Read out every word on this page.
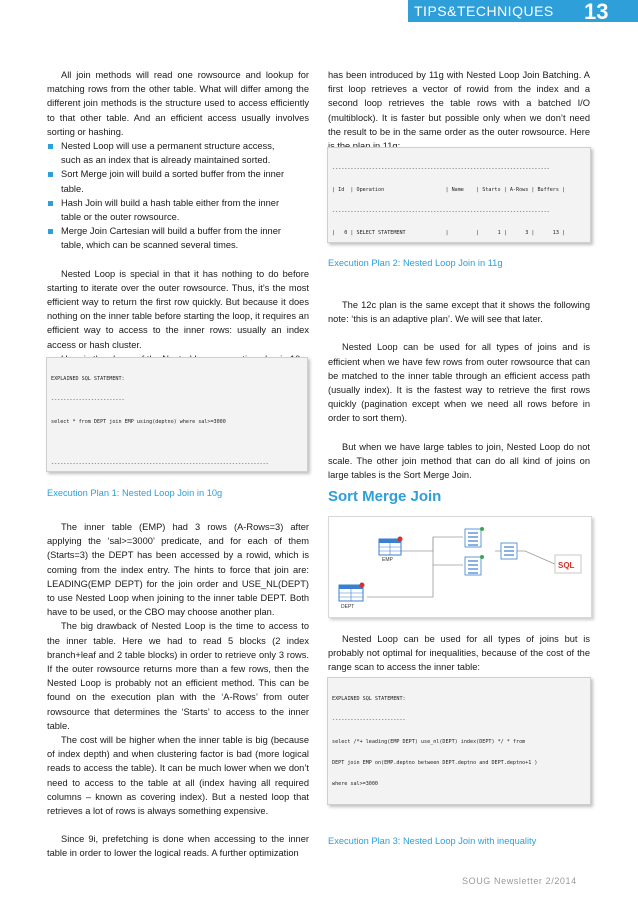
TIPS&TECHNIQUES 13

All join methods will read one rowsource and lookup for matching rows from the other table. What will differ among the different join methods is the structure used to access efficiently to that other table. And an efficient access usually involves sorting or hashing.

Nested Loop will use a permanent structure access, such as an index that is already maintained sorted.
Sort Merge join will build a sorted buffer from the inner table.
Hash Join will build a hash table either from the inner table or the outer rowsource.
Merge Join Cartesian will build a buffer from the inner table, which can be scanned several times.

Nested Loop is special in that it has nothing to do before starting to iterate over the outer rowsource. Thus, it’s the most efficient way to return the first row quickly. But because it does nothing on the inner table before starting the loop, it requires an efficient way to access to the inner rows: usually an index access or hash cluster.

EXPLAINED SQL STATEMENT:

------------------------

select * from DEPT join EMP using(deptno) where sal>=3000

-----------------------------------------------------------------------

Execution Plan 1: Nested Loop Join in 10g

The inner table (EMP) had 3 rows (A-Rows=3) after applying the ‘sal>=3000’ predicate, and for each of them (Starts=3) the DEPT has been accessed by a rowid, which is coming from the index entry. The hints to force that join are: LEADING(EMP DEPT) for the join order and USE_NL(DEPT) to use Nested Loop when joining to the inner table DEPT. Both have to be used, or the CBO may choose another plan.

The big drawback of Nested Loop is the time to access to the inner table. Here we had to read 5 blocks (2 index branch+leaf and 2 table blocks) in order to retrieve only 3 rows. If the outer rowsource returns more than a few rows, then the Nested Loop is probably not an efficient method. This can be found on the execution plan with the ‘A-Rows’ from outer rowsource that determines the ‘Starts’ to access to the inner table.

The cost will be higher when the inner table is big (because of index depth) and when clustering factor is bad (more logical reads to access the table). It can be much lower when we don’t need to access to the table at all (index having all required columns – known as covering index). But a nested loop that retrieves a lot of rows is always something expensive.

Since 9i, prefetching is done when accessing to the inner table in order to lower the logical reads. A further optimization

has been introduced by 11g with Nested Loop Join Batching. A first loop retrieves a vector of rowid from the index and a second loop retrieves the table rows with a batched I/O (multiblock). It is faster but possible only when we don’t need the result to be in the same order as the outer rowsource. Here

-----------------------------------------------------------------------

| Id  | Operation                    | Name    | Starts | A-Rows | Buffers |

-----------------------------------------------------------------------

|   0 | SELECT STATEMENT             |         |      1 |      3 |      13 |

Execution Plan 2: Nested Loop Join in 11g

The 12c plan is the same except that it shows the following note: ‘this is an adaptive plan’. We will see that later.

Nested Loop can be used for all types of joins and is efficient when we have few rows from outer rowsource that can be matched to the inner table through an efficient access path (usually index). It is the fastest way to retrieve the first rows quickly (pagination except when we need all rows before in order to sort them).

But when we have large tables to join, Nested Loop do not scale. The other join method that can do all kind of joins on large tables is the Sort Merge Join.

Sort Merge Join
EMP
DEPT
SQL

Nested Loop can be used for all types of joins but is probably not optimal for inequalities, because of the cost of the range scan to access the inner table:

EXPLAINED SQL STATEMENT:

------------------------

select /*+ leading(EMP DEPT) use_nl(DEPT) index(DEPT) */ * from

DEPT join EMP on(EMP.deptno between DEPT.deptno and DEPT.deptno+1 )

where sal>=3000

Execution Plan 3: Nested Loop Join with inequality
SOUG Newsletter 2/2014
